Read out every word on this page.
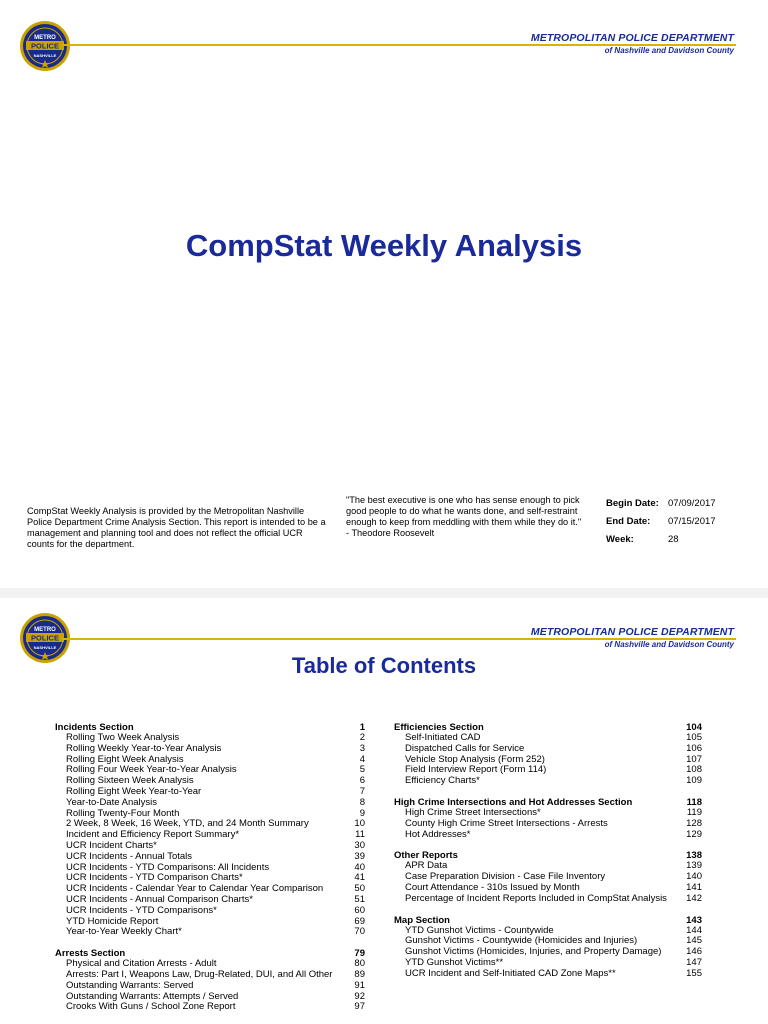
METRO
POLICE
NASHVILLE
METROPOLITAN POLICE DEPARTMENT
of Nashville and Davidson County
CompStat Weekly Analysis
CompStat Weekly Analysis is provided by the Metropolitan Nashville Police Department Crime Analysis Section. This report is intended to be a management and planning tool and does not reflect the official UCR counts for the department.
"The best executive is one who has sense enough to pick good people to do what he wants done, and self-restraint enough to keep from meddling with them while they do it."
- Theodore Roosevelt
Begin Date: 07/09/2017
End Date:	07/15/2017
Week:	28
METRO
POLICE
NASHVILLE
METROPOLITAN POLICE DEPARTMENT
of Nashville and Davidson County
Table of Contents
Incidents Section	1
Rolling Two Week Analysis	2
Rolling Weekly Year-to-Year Analysis	3
Rolling Eight Week Analysis	4
Rolling Four Week Year-to-Year Analysis	5
Rolling Sixteen Week Analysis	6
Rolling Eight Week Year-to-Year	7
Year-to-Date Analysis	8
Rolling Twenty-Four Month	9
2 Week, 8 Week, 16 Week, YTD, and 24 Month Summary	10
Incident and Efficiency Report Summary*	11
UCR Incident Charts*	30
UCR Incidents - Annual Totals	39
UCR Incidents - YTD Comparisons: All Incidents	40
UCR Incidents - YTD Comparison Charts*	41
UCR Incidents - Calendar Year to Calendar Year Comparison	50
UCR Incidents - Annual Comparison Charts*	51
UCR Incidents - YTD Comparisons*	60
YTD Homicide Report	69
Year-to-Year Weekly Chart*	70
Arrests Section	79
Physical and Citation Arrests - Adult	80
Arrests: Part I, Weapons Law, Drug-Related, DUI, and All Other 89
Outstanding Warrants: Served	91
Outstanding Warrants: Attempts / Served	92
Crooks With Guns / School Zone Report	97
Efficiencies Section	104
Self-Initiated CAD	105
Dispatched Calls for Service	106
Vehicle Stop Analysis (Form 252)	107
Field Interview Report (Form 114)	108
Efficiency Charts*	109
High Crime Intersections and Hot Addresses Section	118
High Crime Street Intersections*	119
County High Crime Street Intersections - Arrests	128
Hot Addresses*	129
Other Reports	138
APR Data	139
Case Preparation Division - Case File Inventory	140
Court Attendance - 310s Issued by Month	141
Percentage of Incident Reports Included in CompStat Analysis 142
Map Section	143
YTD Gunshot Victims - Countywide	144
Gunshot Victims - Countywide (Homicides and Injuries)	145
Gunshot Victims (Homicides, Injuries, and Property Damage)	146
YTD Gunshot Victims**	147
UCR Incident and Self-Initiated CAD Zone Maps**	155
